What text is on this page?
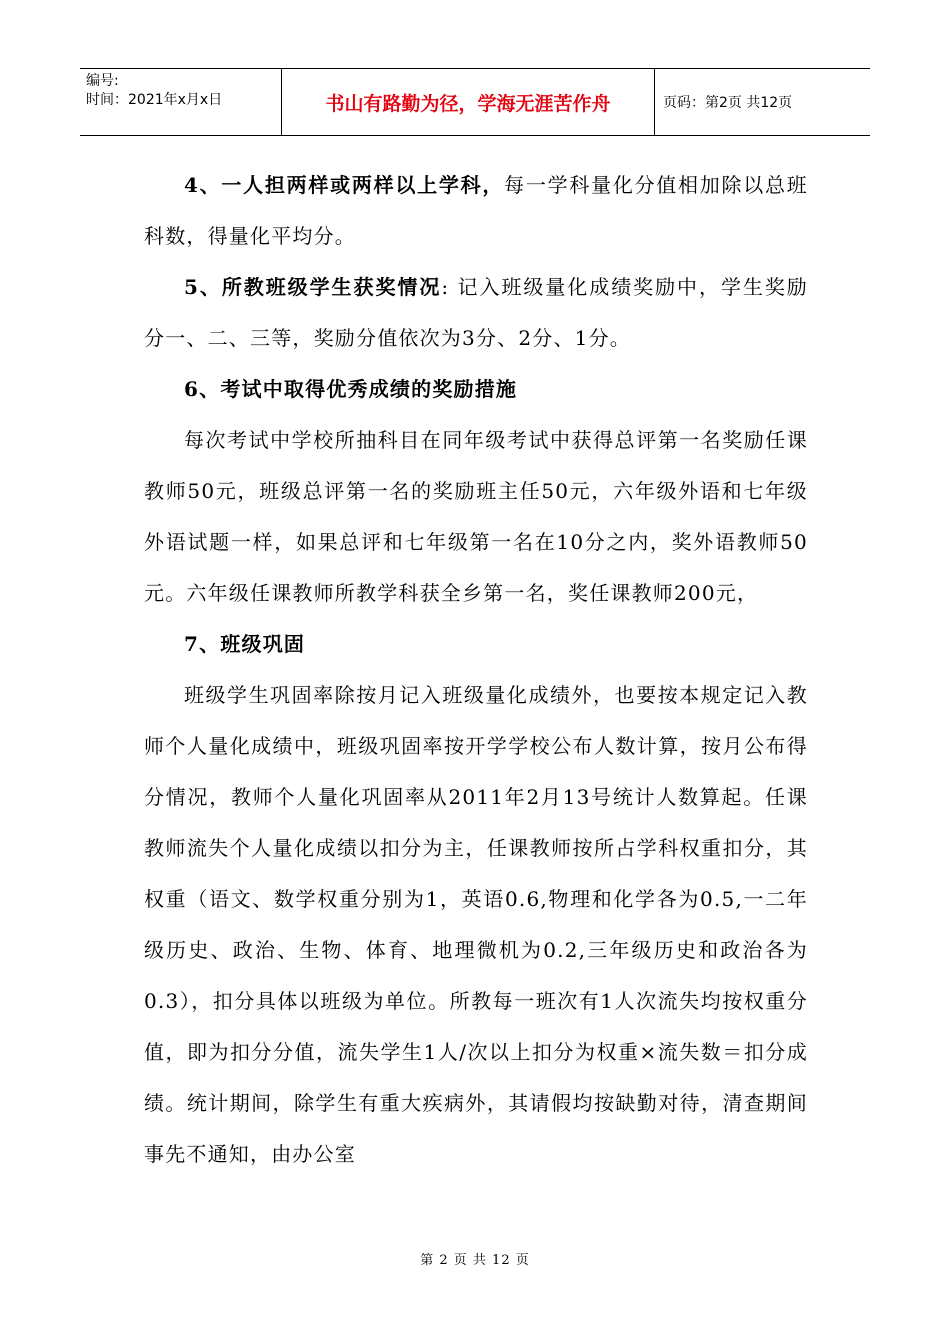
编号:
时间：2021年x月x日	书山有路勤为径，学海无涯苦作舟	页码：第2页 共12页

4、一人担两样或两样以上学科，每一学科量化分值相加除以总班科数，得量化平均分。

5、所教班级学生获奖情况: 记入班级量化成绩奖励中，学生奖励分一、二、三等，奖励分值依次为3分、2分、1分。

6、考试中取得优秀成绩的奖励措施

每次考试中学校所抽科目在同年级考试中获得总评第一名奖励任课教师50元，班级总评第一名的奖励班主任50元，六年级外语和七年级外语试题一样，如果总评和七年级第一名在10分之内，奖外语教师50元。六年级任课教师所教学科获全乡第一名，奖任课教师200元，

7、班级巩固

班级学生巩固率除按月记入班级量化成绩外，也要按本规定记入教师个人量化成绩中，班级巩固率按开学学校公布人数计算，按月公布得分情况，教师个人量化巩固率从2011年2月13号统计人数算起。任课教师流失个人量化成绩以扣分为主，任课教师按所占学科权重扣分，其权重（语文、数学权重分别为1，英语0.6,物理和化学各为0.5,一二年级历史、政治、生物、体育、地理微机为0.2,三年级历史和政治各为0.3），扣分具体以班级为单位。所教每一班次有1人次流失均按权重分值，即为扣分分值，流失学生1人/次以上扣分为权重×流失数＝扣分成绩。统计期间，除学生有重大疾病外，其请假均按缺勤对待，清查期间事先不通知，由办公室

第 2 页 共 12 页
